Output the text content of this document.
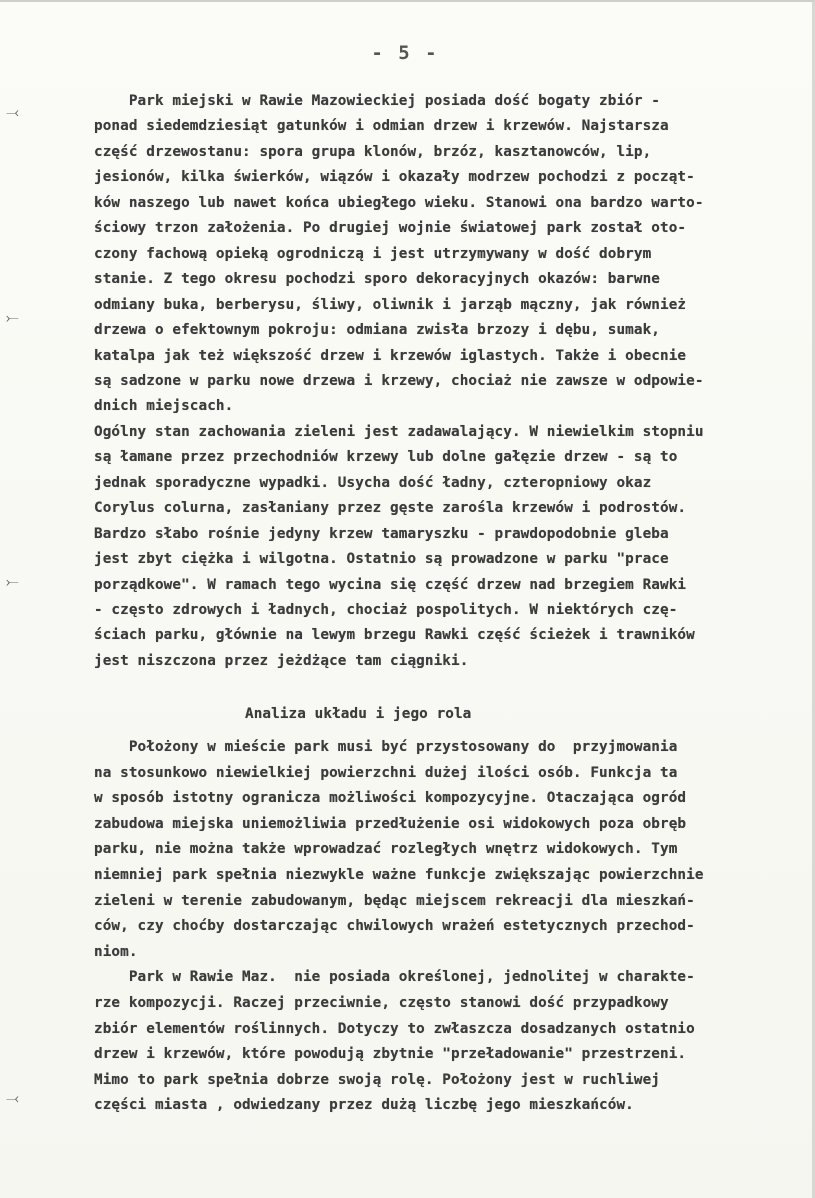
- 5 -
⤙
⤚
⤚
⤙
Park miejski w Rawie Mazowieckiej posiada dość bogaty zbiór -
ponad siedemdziesiąt gatunków i odmian drzew i krzewów. Najstarsza
część drzewostanu: spora grupa klonów, brzóz, kasztanowców, lip,
jesionów, kilka świerków, wiązów i okazały modrzew pochodzi z począt-
ków naszego lub nawet końca ubiegłego wieku. Stanowi ona bardzo warto-
ściowy trzon założenia. Po drugiej wojnie światowej park został oto-
czony fachową opieką ogrodniczą i jest utrzymywany w dość dobrym
stanie. Z tego okresu pochodzi sporo dekoracyjnych okazów: barwne
odmiany buka, berberysu, śliwy, oliwnik i jarząb mączny, jak również
drzewa o efektownym pokroju: odmiana zwisła brzozy i dębu, sumak,
katalpa jak też większość drzew i krzewów iglastych. Także i obecnie
są sadzone w parku nowe drzewa i krzewy, chociaż nie zawsze w odpowie-
dnich miejscach.
Ogólny stan zachowania zieleni jest zadawalający. W niewielkim stopniu
są łamane przez przechodniów krzewy lub dolne gałęzie drzew - są to
jednak sporadyczne wypadki. Usycha dość ładny, czteropniowy okaz
Corylus colurna, zasłaniany przez gęste zarośla krzewów i podrostów.
Bardzo słabo rośnie jedyny krzew tamaryszku - prawdopodobnie gleba
jest zbyt ciężka i wilgotna. Ostatnio są prowadzone w parku "prace
porządkowe". W ramach tego wycina się część drzew nad brzegiem Rawki
- często zdrowych i ładnych, chociaż pospolitych. W niektórych czę-
ściach parku, głównie na lewym brzegu Rawki część ścieżek i trawników
jest niszczona przez jeżdżące tam ciągniki.
Analiza układu i jego rola
Położony w mieście park musi być przystosowany do  przyjmowania
na stosunkowo niewielkiej powierzchni dużej ilości osób. Funkcja ta
w sposób istotny ogranicza możliwości kompozycyjne. Otaczająca ogród
zabudowa miejska uniemożliwia przedłużenie osi widokowych poza obręb
parku, nie można także wprowadzać rozległych wnętrz widokowych. Tym
niemniej park spełnia niezwykle ważne funkcje zwiększając powierzchnie
zieleni w terenie zabudowanym, będąc miejscem rekreacji dla mieszkań-
ców, czy choćby dostarczając chwilowych wrażeń estetycznych przechod-
niom.
Park w Rawie Maz.  nie posiada określonej, jednolitej w charakte-
rze kompozycji. Raczej przeciwnie, często stanowi dość przypadkowy
zbiór elementów roślinnych. Dotyczy to zwłaszcza dosadzanych ostatnio
drzew i krzewów, które powodują zbytnie "przeładowanie" przestrzeni.
Mimo to park spełnia dobrze swoją rolę. Położony jest w ruchliwej
części miasta , odwiedzany przez dużą liczbę jego mieszkańców.
